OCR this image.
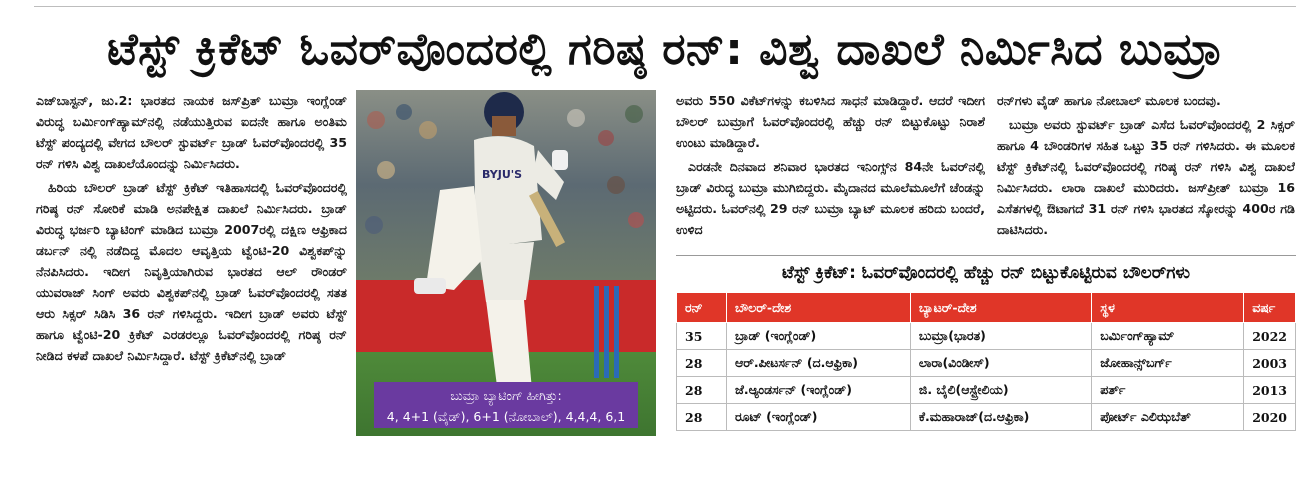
ಟೆಸ್ಟ್ ಕ್ರಿಕೆಟ್ ಓವರ್‌ವೊಂದರಲ್ಲಿ ಗರಿಷ್ಠ ರನ್: ವಿಶ್ವ ದಾಖಲೆ ನಿರ್ಮಿಸಿದ ಬುಮ್ರಾ

ಎಜ್‌ಬಾಸ್ಟನ್, ಜು.2: ಭಾರತದ ನಾಯಕ ಜಸ್‌ಪ್ರಿತ್ ಬುಮ್ರಾ ಇಂಗ್ಲೆಂಡ್ ವಿರುದ್ಧ ಬರ್ಮಿಂಗ್‌ಹ್ಯಾಮ್‌ನಲ್ಲಿ ನಡೆಯುತ್ತಿರುವ ಐದನೇ ಹಾಗೂ ಅಂತಿಮ ಟೆಸ್ಟ್ ಪಂದ್ಯದಲ್ಲಿ ವೇಗದ ಬೌಲರ್ ಸ್ಟುವರ್ಟ್ ಬ್ರಾಡ್ ಓವರ್‌ವೊಂದರಲ್ಲಿ 35 ರನ್ ಗಳಿಸಿ ವಿಶ್ವ ದಾಖಲೆಯೊಂದನ್ನು ನಿರ್ಮಿಸಿದರು.

ಹಿರಿಯ ಬೌಲರ್ ಬ್ರಾಡ್ ಟೆಸ್ಟ್ ಕ್ರಿಕೆಟ್ ಇತಿಹಾಸದಲ್ಲಿ ಓವರ್‌ವೊಂದರಲ್ಲಿ ಗರಿಷ್ಠ ರನ್ ಸೋರಿಕೆ ಮಾಡಿ ಅನಪೇಕ್ಷಿತ ದಾಖಲೆ ನಿರ್ಮಿಸಿದರು. ಬ್ರಾಡ್ ವಿರುದ್ಧ ಭರ್ಜರಿ ಬ್ಯಾಟಿಂಗ್ ಮಾಡಿದ ಬುಮ್ರಾ 2007ರಲ್ಲಿ ದಕ್ಷಿಣ ಆಫ್ರಿಕಾದ ಡರ್ಬನ್ ನಲ್ಲಿ ನಡೆದಿದ್ದ ಮೊದಲ ಆವೃತ್ತಿಯ ಟ್ವೆಂಟಿ-20 ವಿಶ್ವಕಪ್‌ನ್ನು ನೆನಪಿಸಿದರು. ಇದೀಗ ನಿವೃತ್ತಿಯಾಗಿರುವ ಭಾರತದ ಆಲ್ ರೌಂಡರ್ ಯುವರಾಜ್ ಸಿಂಗ್ ಅವರು ವಿಶ್ವಕಪ್‌ನಲ್ಲಿ ಬ್ರಾಡ್ ಓವರ್‌ವೊಂದರಲ್ಲಿ ಸತತ ಆರು ಸಿಕ್ಸರ್ ಸಿಡಿಸಿ 36 ರನ್ ಗಳಿಸಿದ್ದರು. ಇದೀಗ ಬ್ರಾಡ್ ಅವರು ಟೆಸ್ಟ್ ಹಾಗೂ ಟ್ವೆಂಟಿ-20 ಕ್ರಿಕೆಟ್ ಎರಡರಲ್ಲೂ ಓವರ್‌ವೊಂದರಲ್ಲಿ ಗರಿಷ್ಠ ರನ್ ನೀಡಿದ ಕಳಪೆ ದಾಖಲೆ ನಿರ್ಮಿಸಿದ್ದಾರೆ. ಟೆಸ್ಟ್ ಕ್ರಿಕೆಟ್‌ನಲ್ಲಿ ಬ್ರಾಡ್

BYJU'S
ಬುಮ್ರಾ ಬ್ಯಾಟಿಂಗ್ ಹೀಗಿತ್ತು:
4, 4+1 (ವೈಡ್), 6+1 (ನೋಬಾಲ್), 4,4,4, 6,1

ಅವರು 550 ವಿಕೆಟ್‌ಗಳನ್ನು ಕಬಳಿಸಿದ ಸಾಧನೆ ಮಾಡಿದ್ದಾರೆ. ಆದರೆ ಇದೀಗ ಬೌಲರ್ ಬುಮ್ರಾಗೆ ಓವರ್‌ವೊಂದರಲ್ಲಿ ಹೆಚ್ಚು ರನ್ ಬಿಟ್ಟುಕೊಟ್ಟು ನಿರಾಶೆ ಉಂಟು ಮಾಡಿದ್ದಾರೆ.

ಎರಡನೇ ದಿನವಾದ ಶನಿವಾರ ಭಾರತದ ಇನಿಂಗ್ಸ್‌ನ 84ನೇ ಓವರ್‌ನಲ್ಲಿ ಬ್ರಾಡ್ ವಿರುದ್ಧ ಬುಮ್ರಾ ಮುಗಿಬಿದ್ದರು. ಮೈದಾನದ ಮೂಲೆಮೂಲೆಗೆ ಚೆಂಡನ್ನು ಅಟ್ಟಿದರು. ಓವರ್‌ನಲ್ಲಿ 29 ರನ್ ಬುಮ್ರಾ ಬ್ಯಾಟ್ ಮೂಲಕ ಹರಿದು ಬಂದರೆ, ಉಳಿದ

ರನ್‌ಗಳು ವೈಡ್ ಹಾಗೂ ನೋಬಾಲ್ ಮೂಲಕ ಬಂದವು.

ಬುಮ್ರಾ ಅವರು ಸ್ಟುವರ್ಟ್ ಬ್ರಾಡ್ ಎಸೆದ ಓವರ್‌ವೊಂದರಲ್ಲಿ 2 ಸಿಕ್ಸರ್ ಹಾಗೂ 4 ಬೌಂಡರಿಗಳ ಸಹಿತ ಒಟ್ಟು 35 ರನ್ ಗಳಿಸಿದರು. ಈ ಮೂಲಕ ಟೆಸ್ಟ್ ಕ್ರಿಕೆಟ್‌ನಲ್ಲಿ ಓವರ್‌ವೊಂದರಲ್ಲಿ ಗರಿಷ್ಠ ರನ್ ಗಳಿಸಿ ವಿಶ್ವ ದಾಖಲೆ ನಿರ್ಮಿಸಿದರು. ಲಾರಾ ದಾಖಲೆ ಮುರಿದರು. ಜಸ್‌ಪ್ರೀತ್ ಬುಮ್ರಾ 16 ಎಸೆತಗಳಲ್ಲಿ ಔಟಾಗದೆ 31 ರನ್ ಗಳಿಸಿ ಭಾರತದ ಸ್ಕೋರನ್ನು 400ರ ಗಡಿ ದಾಟಿಸಿದರು.

ಟೆಸ್ಟ್ ಕ್ರಿಕೆಟ್: ಓವರ್‌ವೊಂದರಲ್ಲಿ ಹೆಚ್ಚು ರನ್ ಬಿಟ್ಟುಕೊಟ್ಟಿರುವ ಬೌಲರ್‌ಗಳು
ರನ್	ಬೌಲರ್-ದೇಶ	ಬ್ಯಾಟರ್-ದೇಶ	ಸ್ಥಳ	ವರ್ಷ
35	ಬ್ರಾಡ್ (ಇಂಗ್ಲೆಂಡ್)	ಬುಮ್ರಾ(ಭಾರತ)	ಬರ್ಮಿಂಗ್‌ಹ್ಯಾಮ್	2022
28	ಆರ್.ಪೀಟರ್ಸನ್ (ದ.ಆಫ್ರಿಕಾ)	ಲಾರಾ(ವಿಂಡೀಸ್)	ಜೋಹಾನ್ಸ್‌ಬರ್ಗ್	2003
28	ಜೆ.ಆ್ಯಂಡರ್ಸನ್ (ಇಂಗ್ಲೆಂಡ್)	ಜಿ. ಬೈಲಿ(ಆಸ್ಟ್ರೇಲಿಯ)	ಪರ್ತ್	2013
28	ರೂಟ್ (ಇಂಗ್ಲೆಂಡ್)	ಕೆ.ಮಹಾರಾಜ್(ದ.ಆಫ್ರಿಕಾ)	ಪೋರ್ಟ್ ಎಲಿಝಬೆತ್	2020
